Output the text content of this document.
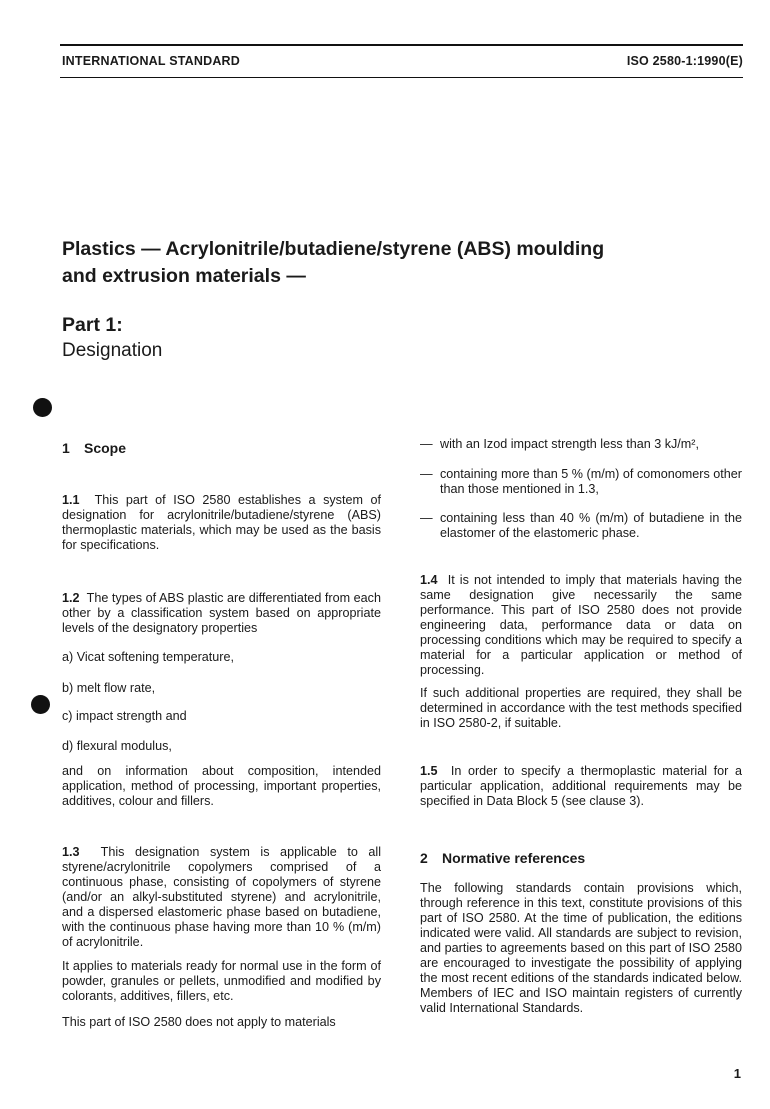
INTERNATIONAL STANDARD	ISO 2580-1:1990(E)
Plastics — Acrylonitrile/butadiene/styrene (ABS) moulding
and extrusion materials —
Part 1:
Designation
1 Scope
1.1 This part of ISO 2580 establishes a system of designation for acrylonitrile/butadiene/styrene (ABS) thermoplastic materials, which may be used as the basis for specifications.
1.2 The types of ABS plastic are differentiated from each other by a classification system based on appropriate levels of the designatory properties
a) Vicat softening temperature,
b) melt flow rate,
c) impact strength and
d) flexural modulus,
and on information about composition, intended application, method of processing, important properties, additives, colour and fillers.
1.3 This designation system is applicable to all styrene/acrylonitrile copolymers comprised of a continuous phase, consisting of copolymers of styrene (and/or an alkyl-substituted styrene) and acrylonitrile, and a dispersed elastomeric phase based on butadiene, with the continuous phase having more than 10 % (m/m) of acrylonitrile.
It applies to materials ready for normal use in the form of powder, granules or pellets, unmodified and modified by colorants, additives, fillers, etc.
This part of ISO 2580 does not apply to materials
— with an Izod impact strength less than 3 kJ/m²,
— containing more than 5 % (m/m) of comonomers other than those mentioned in 1.3,
— containing less than 40 % (m/m) of butadiene in the elastomer of the elastomeric phase.
1.4 It is not intended to imply that materials having the same designation give necessarily the same performance. This part of ISO 2580 does not provide engineering data, performance data or data on processing conditions which may be required to specify a material for a particular application or method of processing.
If such additional properties are required, they shall be determined in accordance with the test methods specified in ISO 2580-2, if suitable.
1.5 In order to specify a thermoplastic material for a particular application, additional requirements may be specified in Data Block 5 (see clause 3).
2 Normative references
The following standards contain provisions which, through reference in this text, constitute provisions of this part of ISO 2580. At the time of publication, the editions indicated were valid. All standards are subject to revision, and parties to agreements based on this part of ISO 2580 are encouraged to investigate the possibility of applying the most recent editions of the standards indicated below. Members of IEC and ISO maintain registers of currently valid International Standards.
1
